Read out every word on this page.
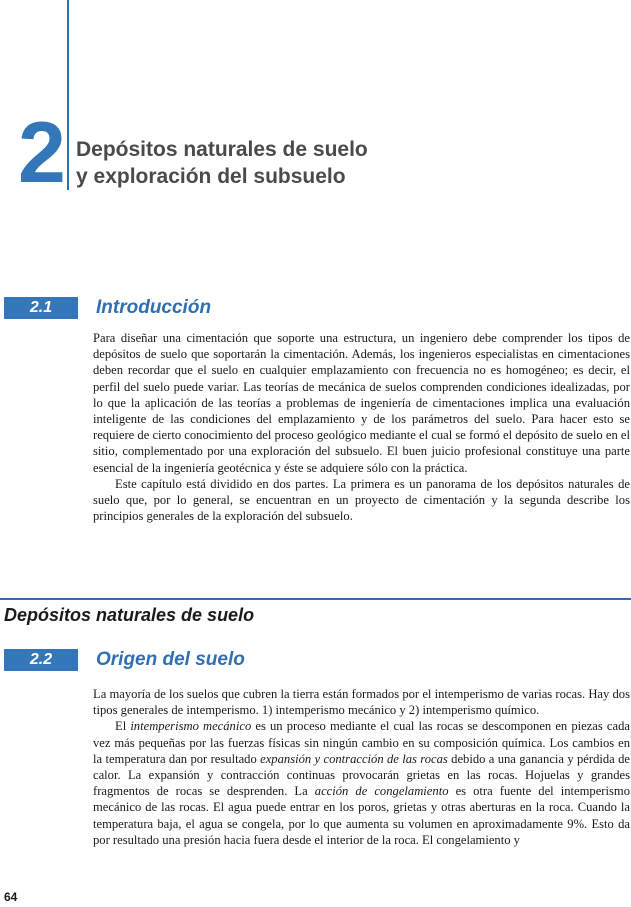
2 Depósitos naturales de suelo
y exploración del subsuelo
2.1	Introducción

Para diseñar una cimentación que soporte una estructura, un ingeniero debe comprender los tipos de depósitos de suelo que soportarán la cimentación. Además, los ingenieros especialistas en cimentaciones deben recordar que el suelo en cualquier emplazamiento con frecuencia no es homogéneo; es decir, el perfil del suelo puede variar. Las teorías de mecánica de suelos comprenden condiciones idealizadas, por lo que la aplicación de las teorías a problemas de ingeniería de cimentaciones implica una evaluación inteligente de las condiciones del emplazamiento y de los parámetros del suelo. Para hacer esto se requiere de cierto conocimiento del proceso geológico mediante el cual se formó el depósito de suelo en el sitio, complementado por una exploración del subsuelo. El buen juicio profesional constituye una parte esencial de la ingeniería geotécnica y éste se adquiere sólo con la práctica.

Este capítulo está dividido en dos partes. La primera es un panorama de los depósitos naturales de suelo que, por lo general, se encuentran en un proyecto de cimentación y la segunda describe los principios generales de la exploración del subsuelo.

Depósitos naturales de suelo
2.2	Origen del suelo

La mayoría de los suelos que cubren la tierra están formados por el intemperismo de varias rocas. Hay dos tipos generales de intemperismo. 1) intemperismo mecánico y 2) intemperismo químico.

El intemperismo mecánico es un proceso mediante el cual las rocas se descomponen en piezas cada vez más pequeñas por las fuerzas físicas sin ningún cambio en su composición química. Los cambios en la temperatura dan por resultado expansión y contracción de las rocas debido a una ganancia y pérdida de calor. La expansión y contracción continuas provocarán grietas en las rocas. Hojuelas y grandes fragmentos de rocas se desprenden. La acción de congelamiento es otra fuente del intemperismo mecánico de las rocas. El agua puede entrar en los poros, grietas y otras aberturas en la roca. Cuando la temperatura baja, el agua se congela, por lo que aumenta su volumen en aproximadamente 9%. Esto da por resultado una presión hacia fuera desde el interior de la roca. El congelamiento y

64
